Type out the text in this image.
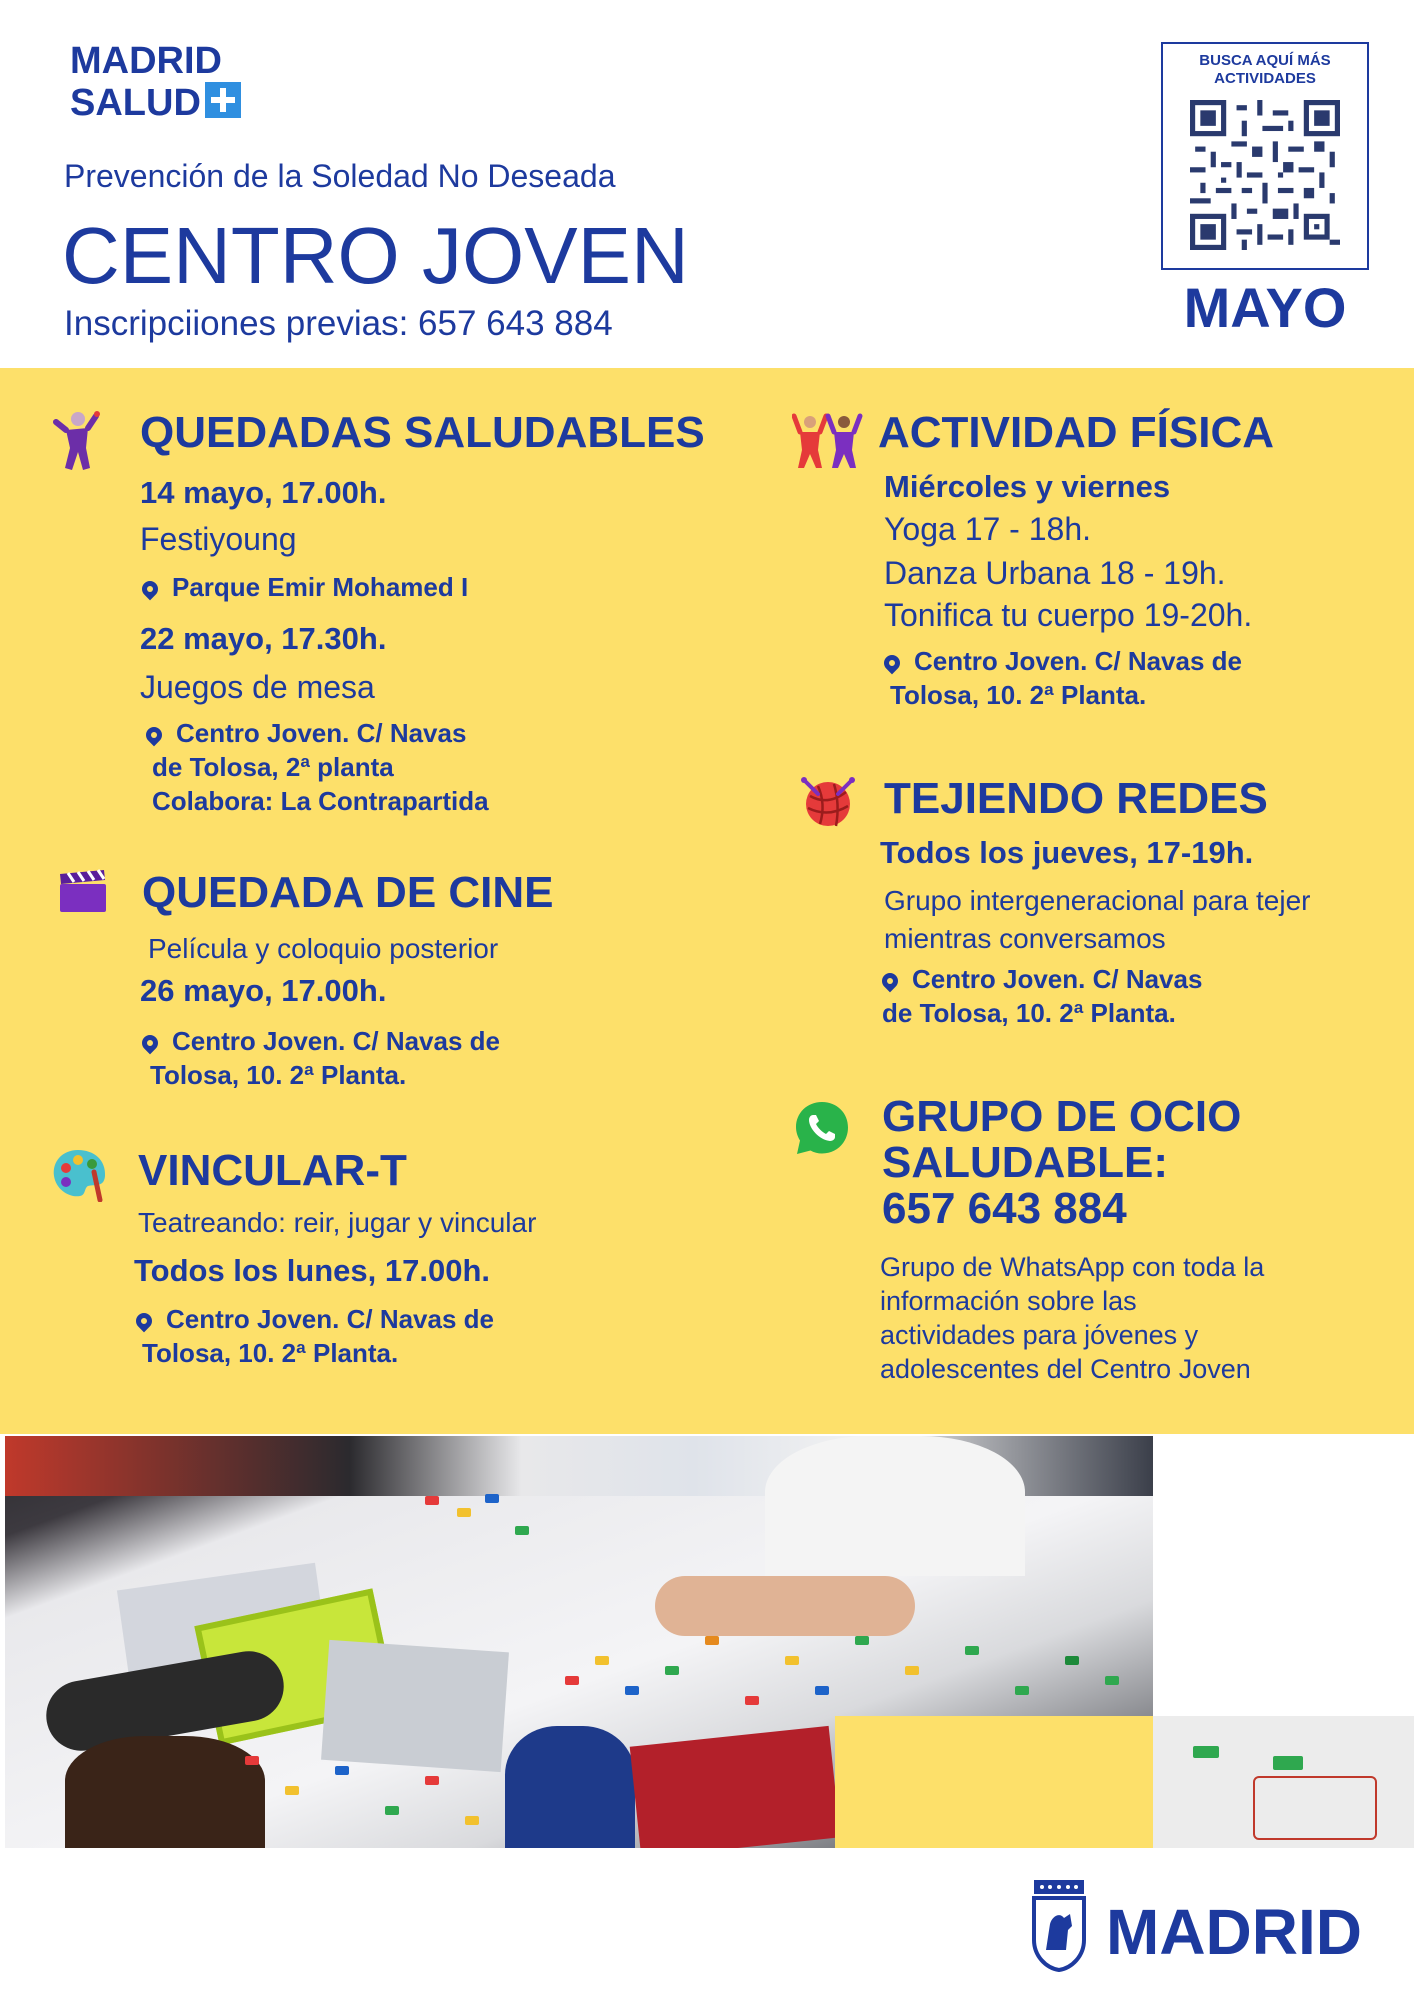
MADRID
SALUD
Prevención de la Soledad No Deseada
CENTRO JOVEN
Inscripciiones previas: 657 643 884
BUSCA AQUÍ MÁS ACTIVIDADES
MAYO
QUEDADAS SALUDABLES
14 mayo, 17.00h.
Festiyoung
Parque Emir Mohamed I
22 mayo, 17.30h.
Juegos de mesa
Centro Joven. C/ Navas
de Tolosa, 2ª planta
Colabora: La Contrapartida
QUEDADA DE CINE
Película y coloquio posterior
26 mayo, 17.00h.
Centro Joven. C/ Navas de
Tolosa, 10. 2ª Planta.
VINCULAR-T
Teatreando: reir, jugar y vincular
Todos los lunes, 17.00h.
Centro Joven. C/ Navas de
Tolosa, 10. 2ª Planta.
ACTIVIDAD FÍSICA
Miércoles y viernes
Yoga 17 - 18h.
Danza Urbana 18 - 19h.
Tonifica tu cuerpo 19-20h.
Centro Joven. C/ Navas de
Tolosa, 10. 2ª Planta.
TEJIENDO REDES
Todos los jueves, 17-19h.
Grupo intergeneracional para tejer
mientras conversamos
Centro Joven. C/ Navas
de Tolosa, 10. 2ª Planta.
GRUPO DE OCIO
SALUDABLE:
657 643 884
Grupo de WhatsApp con toda la
información sobre las
actividades para jóvenes y
adolescentes del Centro Joven
MADRID
